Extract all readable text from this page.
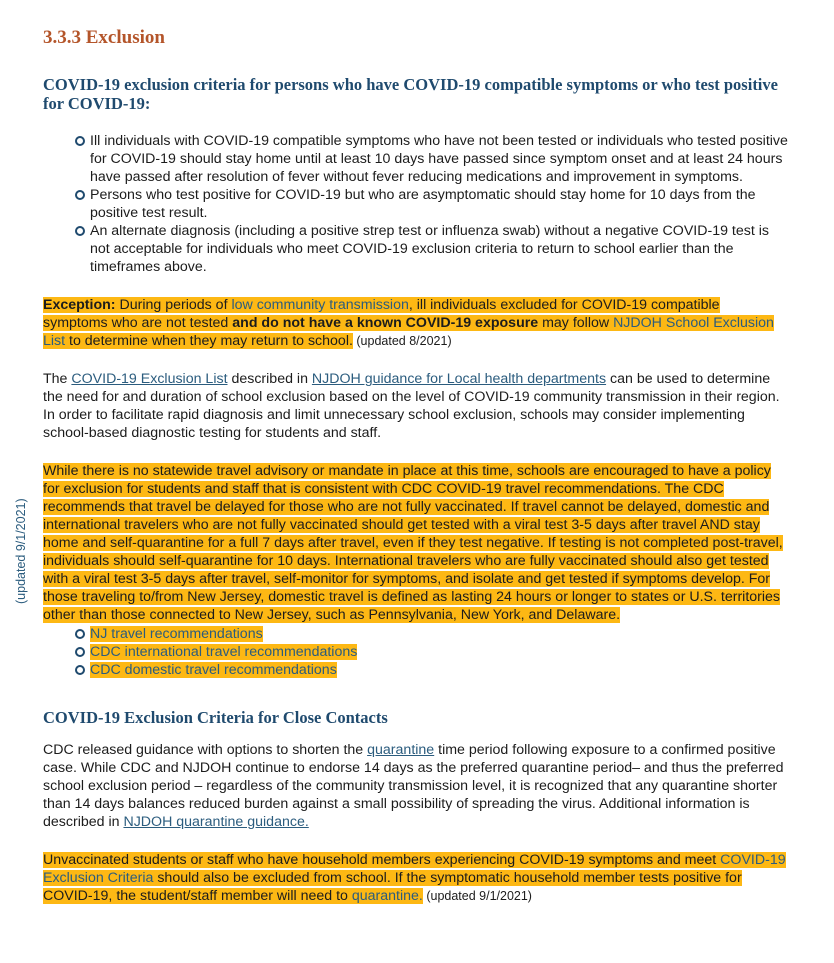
(updated 9/1/2021)
3.3.3 Exclusion
COVID-19 exclusion criteria for persons who have COVID-19 compatible symptoms or who test positive for COVID-19:
Ill individuals with COVID-19 compatible symptoms who have not been tested or individuals who tested positive for COVID-19 should stay home until at least 10 days have passed since symptom onset and at least 24 hours have passed after resolution of fever without fever reducing medications and improvement in symptoms.
Persons who test positive for COVID-19 but who are asymptomatic should stay home for 10 days from the positive test result.
An alternate diagnosis (including a positive strep test or influenza swab) without a negative COVID-19 test is not acceptable for individuals who meet COVID-19 exclusion criteria to return to school earlier than the timeframes above.

Exception: During periods of low community transmission, ill individuals excluded for COVID-19 compatible symptoms who are not tested and do not have a known COVID-19 exposure may follow NJDOH School Exclusion List to determine when they may return to school. (updated 8/2021)

The COVID-19 Exclusion List described in NJDOH guidance for Local health departments can be used to determine the need for and duration of school exclusion based on the level of COVID-19 community transmission in their region. In order to facilitate rapid diagnosis and limit unnecessary school exclusion, schools may consider implementing school-based diagnostic testing for students and staff.

While there is no statewide travel advisory or mandate in place at this time, schools are encouraged to have a policy for exclusion for students and staff that is consistent with CDC COVID-19 travel recommendations. The CDC recommends that travel be delayed for those who are not fully vaccinated. If travel cannot be delayed, domestic and international travelers who are not fully vaccinated should get tested with a viral test 3-5 days after travel AND stay home and self-quarantine for a full 7 days after travel, even if they test negative. If testing is not completed post-travel, individuals should self-quarantine for 10 days. International travelers who are fully vaccinated should also get tested with a viral test 3-5 days after travel, self-monitor for symptoms, and isolate and get tested if symptoms develop. For those traveling to/from New Jersey, domestic travel is defined as lasting 24 hours or longer to states or U.S. territories other than those connected to New Jersey, such as Pennsylvania, New York, and Delaware.

NJ travel recommendations
CDC international travel recommendations
CDC domestic travel recommendations
COVID-19 Exclusion Criteria for Close Contacts

CDC released guidance with options to shorten the quarantine time period following exposure to a confirmed positive case. While CDC and NJDOH continue to endorse 14 days as the preferred quarantine period– and thus the preferred school exclusion period – regardless of the community transmission level, it is recognized that any quarantine shorter than 14 days balances reduced burden against a small possibility of spreading the virus. Additional information is described in NJDOH quarantine guidance.

Unvaccinated students or staff who have household members experiencing COVID-19 symptoms and meet COVID-19 Exclusion Criteria should also be excluded from school. If the symptomatic household member tests positive for COVID-19, the student/staff member will need to quarantine. (updated 9/1/2021)
